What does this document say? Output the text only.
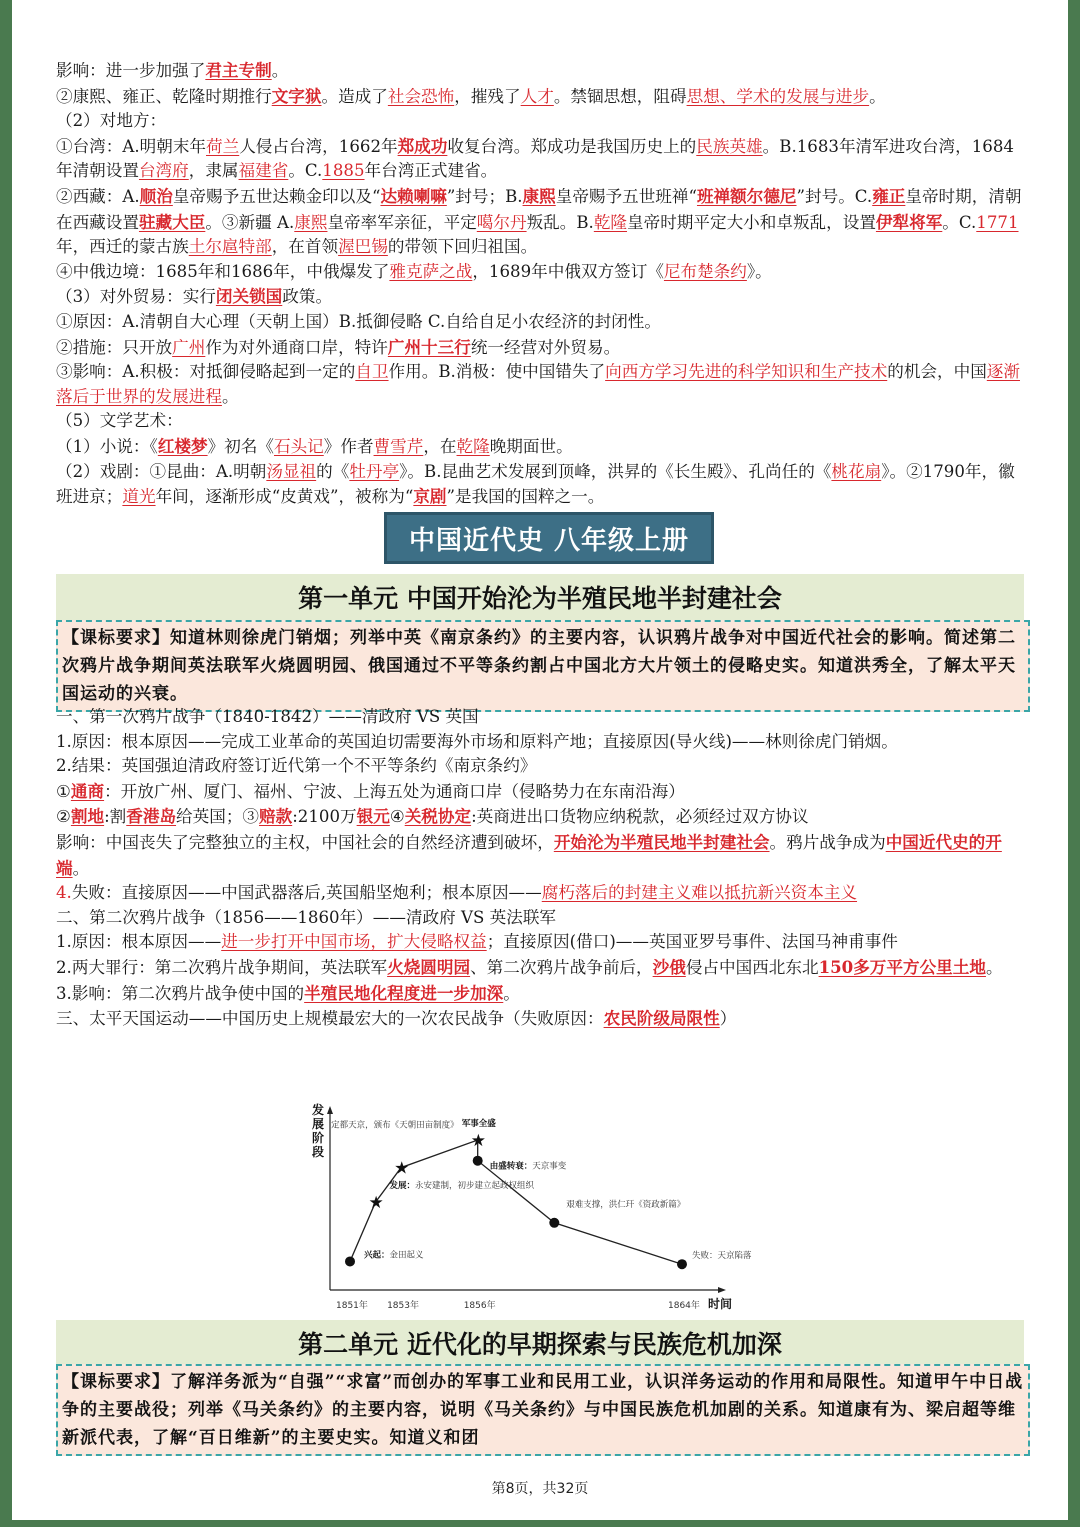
影响：进一步加强了君主专制。

②康熙、雍正、乾隆时期推行文字狱。造成了社会恐怖，摧残了人才。禁锢思想，阻碍思想、学术的发展与进步。

（2）对地方：

①台湾：A.明朝末年荷兰人侵占台湾，1662年郑成功收复台湾。郑成功是我国历史上的民族英雄。B.1683年清军进攻台湾，1684年清朝设置台湾府，隶属福建省。C.1885年台湾正式建省。

②西藏：A.顺治皇帝赐予五世达赖金印以及“达赖喇嘛”封号；B.康熙皇帝赐予五世班禅“班禅额尔德尼”封号。C.雍正皇帝时期，清朝在西藏设置驻藏大臣。③新疆 A.康熙皇帝率军亲征，平定噶尔丹叛乱。B.乾隆皇帝时期平定大小和卓叛乱，设置伊犁将军。C.1771年，西迁的蒙古族土尔扈特部，在首领渥巴锡的带领下回归祖国。

④中俄边境：1685年和1686年，中俄爆发了雅克萨之战，1689年中俄双方签订《尼布楚条约》。

（3）对外贸易：实行闭关锁国政策。

①原因：A.清朝自大心理（天朝上国）B.抵御侵略 C.自给自足小农经济的封闭性。

②措施：只开放广州作为对外通商口岸，特许广州十三行统一经营对外贸易。

③影响：A.积极：对抵御侵略起到一定的自卫作用。B.消极：使中国错失了向西方学习先进的科学知识和生产技术的机会，中国逐渐落后于世界的发展进程。

（5）文学艺术：

（1）小说：《红楼梦》初名《石头记》作者曹雪芹，在乾隆晚期面世。

（2）戏剧：①昆曲：A.明朝汤显祖的《牡丹亭》。B.昆曲艺术发展到顶峰，洪昇的《长生殿》、孔尚任的《桃花扇》。②1790年，徽班进京；道光年间，逐渐形成“皮黄戏”，被称为“京剧”是我国的国粹之一。

中国近代史 八年级上册
第一单元 中国开始沦为半殖民地半封建社会
【课标要求】知道林则徐虎门销烟；列举中英《南京条约》的主要内容，认识鸦片战争对中国近代社会的影响。简述第二次鸦片战争期间英法联军火烧圆明园、俄国通过不平等条约割占中国北方大片领土的侵略史实。知道洪秀全，了解太平天国运动的兴衰。

一、第一次鸦片战争（1840-1842）——清政府 VS 英国

1.原因：根本原因——完成工业革命的英国迫切需要海外市场和原料产地；直接原因(导火线)——林则徐虎门销烟。

2.结果：英国强迫清政府签订近代第一个不平等条约《南京条约》

①通商：开放广州、厦门、福州、宁波、上海五处为通商口岸（侵略势力在东南沿海）

②割地:割香港岛给英国；③赔款:2100万银元④关税协定:英商进出口货物应纳税款，必须经过双方协议

影响：中国丧失了完整独立的主权，中国社会的自然经济遭到破坏，开始沦为半殖民地半封建社会。鸦片战争成为中国近代史的开端。

4.失败：直接原因——中国武器落后,英国船坚炮利；根本原因——腐朽落后的封建主义难以抵抗新兴资本主义

二、第二次鸦片战争（1856——1860年）——清政府 VS 英法联军

1.原因：根本原因——进一步打开中国市场，扩大侵略权益；直接原因(借口)——英国亚罗号事件、法国马神甫事件

2.两大罪行：第二次鸦片战争期间，英法联军火烧圆明园、第二次鸦片战争前后，沙俄侵占中国西北东北150多万平方公里土地。

3.影响：第二次鸦片战争使中国的半殖民地化程度进一步加深。

三、太平天国运动——中国历史上规模最宏大的一次农民战争（失败原因：农民阶级局限性）

发展阶段
时间
1851年 1853年	1856年	1864年
★
★
★
兴起：金田起义
发展：永安建制，初步建立起政权组织
定都天京，颁布《天朝田亩制度》 军事全盛
由盛转衰：天京事变
艰难支撑，洪仁玕《资政新篇》
失败：天京陷落
第二单元 近代化的早期探索与民族危机加深
【课标要求】了解洋务派为“自强”“求富”而创办的军事工业和民用工业，认识洋务运动的作用和局限性。知道甲午中日战争的主要战役；列举《马关条约》的主要内容，说明《马关条约》与中国民族危机加剧的关系。知道康有为、梁启超等维新派代表，了解“百日维新”的主要史实。知道义和团
第8页，共32页
